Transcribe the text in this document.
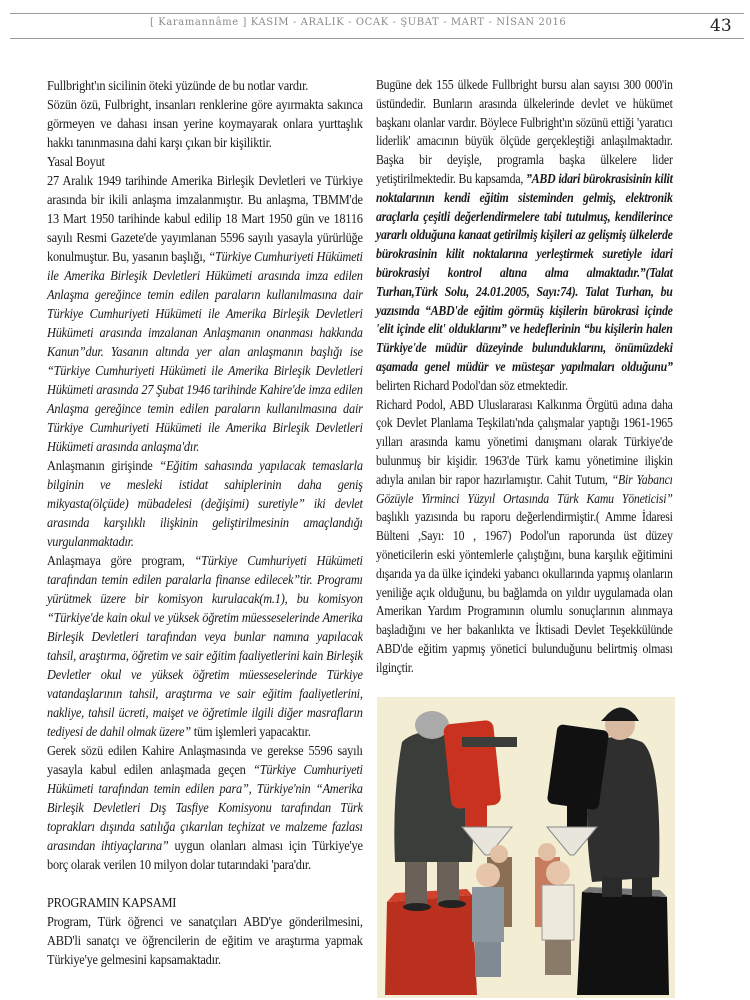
[ Karamannâme ] KASIM - ARALIK - OCAK - ŞUBAT - MART - NİSAN 2016	43

Fullbright'ın sicilinin öteki yüzünde de bu notlar vardır.

Sözün özü, Fulbright, insanları renklerine göre ayırmakta sakınca görmeyen ve dahası insan yerine koymayarak onlara yurttaşlık hakkı tanınmasına dahi karşı çıkan bir kişiliktir.

Yasal Boyut

27 Aralık 1949 tarihinde Amerika Birleşik Devletleri ve Türkiye arasında bir ikili anlaşma imzalanmıştır. Bu anlaşma, TBMM'de 13 Mart 1950 tarihinde kabul edilip 18 Mart 1950 gün ve 18116 sayılı Resmi Gazete'de yayımlanan 5596 sayılı yasayla yürürlüğe konulmuştur. Bu, yasanın başlığı, “Türkiye Cumhuriyeti Hükümeti ile Amerika Birleşik Devletleri Hükümeti arasında imza edilen Anlaşma gereğince temin edilen paraların kullanılmasına dair Türkiye Cumhuriyeti Hükümeti ile Amerika Birleşik Devletleri Hükümeti arasında imzalanan Anlaşmanın onanması hakkında Kanun”dur. Yasanın altında yer alan anlaşmanın başlığı ise “Türkiye Cumhuriyeti Hükümeti ile Amerika Birleşik Devletleri Hükümeti arasında 27 Şubat 1946 tarihinde Kahire'de imza edilen Anlaşma gereğince temin edilen paraların kullanılmasına dair Türkiye Cumhuriyeti Hükümeti ile Amerika Birleşik Devletleri Hükümeti arasında anlaşma'dır.

Anlaşmanın girişinde “Eğitim sahasında yapılacak temaslarla bilginin ve mesleki istidat sahiplerinin daha geniş mikyasta(ölçüde) mübadelesi (değişimi) suretiyle” iki devlet arasında karşılıklı ilişkinin geliştirilmesinin amaçlandığı vurgulanmaktadır.

Anlaşmaya göre program, “Türkiye Cumhuriyeti Hükümeti tarafından temin edilen paralarla finanse edilecek”tir. Programı yürütmek üzere bir komisyon kurulacak(m.1), bu komisyon “Türkiye'de kain okul ve yüksek öğretim müesseselerinde Amerika Birleşik Devletleri tarafından veya bunlar namına yapılacak tahsil, araştırma, öğretim ve sair eğitim faaliyetlerini kain Birleşik Devletler okul ve yüksek öğretim müesseselerinde Türkiye vatandaşlarının tahsil, araştırma ve sair eğitim faaliyetlerini, nakliye, tahsil ücreti, maişet ve öğretimle ilgili diğer masrafların tediyesi de dahil olmak üzere” tüm işlemleri yapacaktır.

Gerek sözü edilen Kahire Anlaşmasında ve gerekse 5596 sayılı yasayla kabul edilen anlaşmada geçen “Türkiye Cumhuriyeti Hükümeti tarafından temin edilen para”, Türkiye'nin “Amerika Birleşik Devletleri Dış Tasfiye Komisyonu tarafından Türk toprakları dışında satılığa çıkarılan teçhizat ve malzeme fazlası arasından ihtiyaçlarına” uygun olanları alması için Türkiye'ye borç olarak verilen 10 milyon dolar tutarındaki 'para'dır.

PROGRAMIN KAPSAMI

Program, Türk öğrenci ve sanatçıları ABD'ye gönderilmesini, ABD'li sanatçı ve öğrencilerin de eğitim ve araştırma yapmak Türkiye'ye gelmesini kapsamaktadır.

Bugüne dek 155 ülkede Fullbright bursu alan sayısı 300 000'in üstündedir. Bunların arasında ülkelerinde devlet ve hükümet başkanı olanlar vardır. Böylece Fulbright'ın sözünü ettiği 'yaratıcı liderlik' amacının büyük ölçüde gerçekleştiği anlaşılmaktadır. Başka bir deyişle, programla başka ülkelere lider yetiştirilmektedir. Bu kapsamda, ”ABD idari bürokrasisinin kilit noktalarının kendi eğitim sisteminden gelmiş, elektronik araçlarla çeşitli değerlendirmelere tabi tutulmuş, kendilerince yararlı olduğuna kanaat getirilmiş kişileri az gelişmiş ülkelerde bürokrasinin kilit noktalarına yerleştirmek suretiyle idari bürokrasiyi kontrol altına alma almaktadır.”(Talat Turhan,Türk Solu, 24.01.2005, Sayı:74). Talat Turhan, bu yazısında “ABD'de eğitim görmüş kişilerin bürokrasi içinde 'elit içinde elit' olduklarını” ve hedeflerinin “bu kişilerin halen Türkiye'de müdür düzeyinde bulunduklarını, önümüzdeki aşamada genel müdür ve müsteşar yapılmaları olduğunu” belirten Richard Podol'dan söz etmektedir.

Richard Podol, ABD Uluslararası Kalkınma Örgütü adına daha çok Devlet Planlama Teşkilatı'nda çalışmalar yaptığı 1961-1965 yılları arasında kamu yönetimi danışmanı olarak Türkiye'de bulunmuş bir kişidir. 1963'de Türk kamu yönetimine ilişkin adıyla anılan bir rapor hazırlamıştır. Cahit Tutum, “Bir Yabancı Gözüyle Yirminci Yüzyıl Ortasında Türk Kamu Yöneticisi” başlıklı yazısında bu raporu değerlendirmiştir.( Amme İdaresi Bülteni ,Sayı: 10 , 1967) Podol'un raporunda üst düzey yöneticilerin eski yöntemlerle çalıştığını, buna karşılık eğitimini dışarıda ya da ülke içindeki yabancı okullarında yapmış olanların yeniliğe açık olduğunu, bu bağlamda on yıldır uygulamada olan Amerikan Yardım Programının olumlu sonuçlarının alınmaya başladığını ve her bakanlıkta ve İktisadi Devlet Teşekkülünde ABD'de eğitim yapmış yönetici bulunduğunu belirtmiş olması ilginçtir.
